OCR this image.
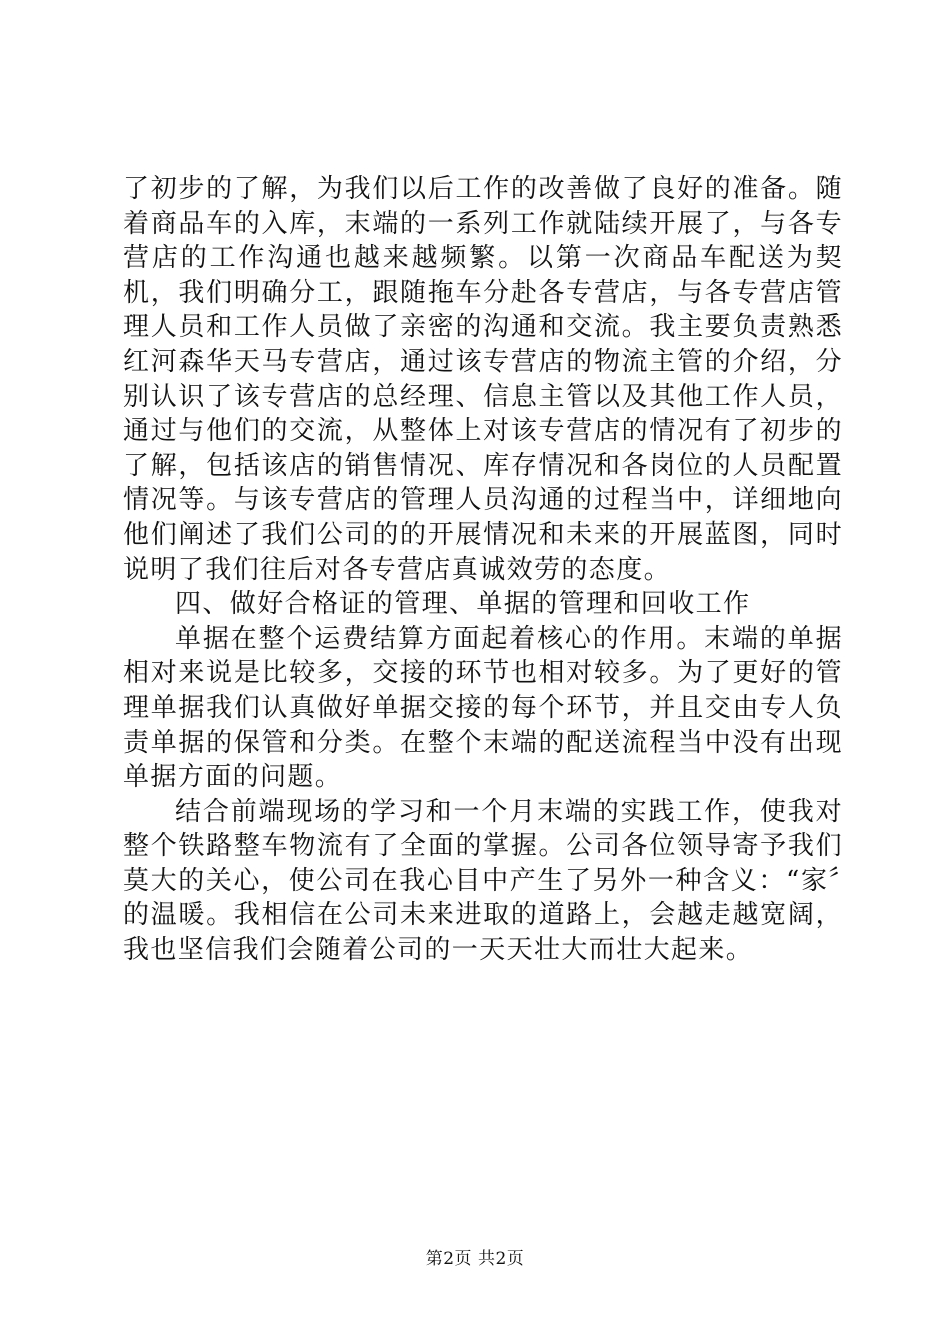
了初步的了解，为我们以后工作的改善做了良好的准备。随着商品车的入库，末端的一系列工作就陆续开展了，与各专营店的工作沟通也越来越频繁。以第一次商品车配送为契机，我们明确分工，跟随拖车分赴各专营店，与各专营店管理人员和工作人员做了亲密的沟通和交流。我主要负责熟悉红河森华天马专营店，通过该专营店的物流主管的介绍，分别认识了该专营店的总经理、信息主管以及其他工作人员，通过与他们的交流，从整体上对该专营店的情况有了初步的了解，包括该店的销售情况、库存情况和各岗位的人员配置情况等。与该专营店的管理人员沟通的过程当中，详细地向他们阐述了我们公司的的开展情况和未来的开展蓝图，同时说明了我们往后对各专营店真诚效劳的态度。

四、做好合格证的管理、单据的管理和回收工作

单据在整个运费结算方面起着核心的作用。末端的单据相对来说是比较多，交接的环节也相对较多。为了更好的管理单据我们认真做好单据交接的每个环节，并且交由专人负责单据的保管和分类。在整个末端的配送流程当中没有出现单据方面的问题。

结合前端现场的学习和一个月末端的实践工作，使我对整个铁路整车物流有了全面的掌握。公司各位领导寄予我们莫大的关心，使公司在我心目中产生了另外一种含义：“家〞的温暖。我相信在公司未来进取的道路上，会越走越宽阔，我也坚信我们会随着公司的一天天壮大而壮大起来。

第2页 共2页
